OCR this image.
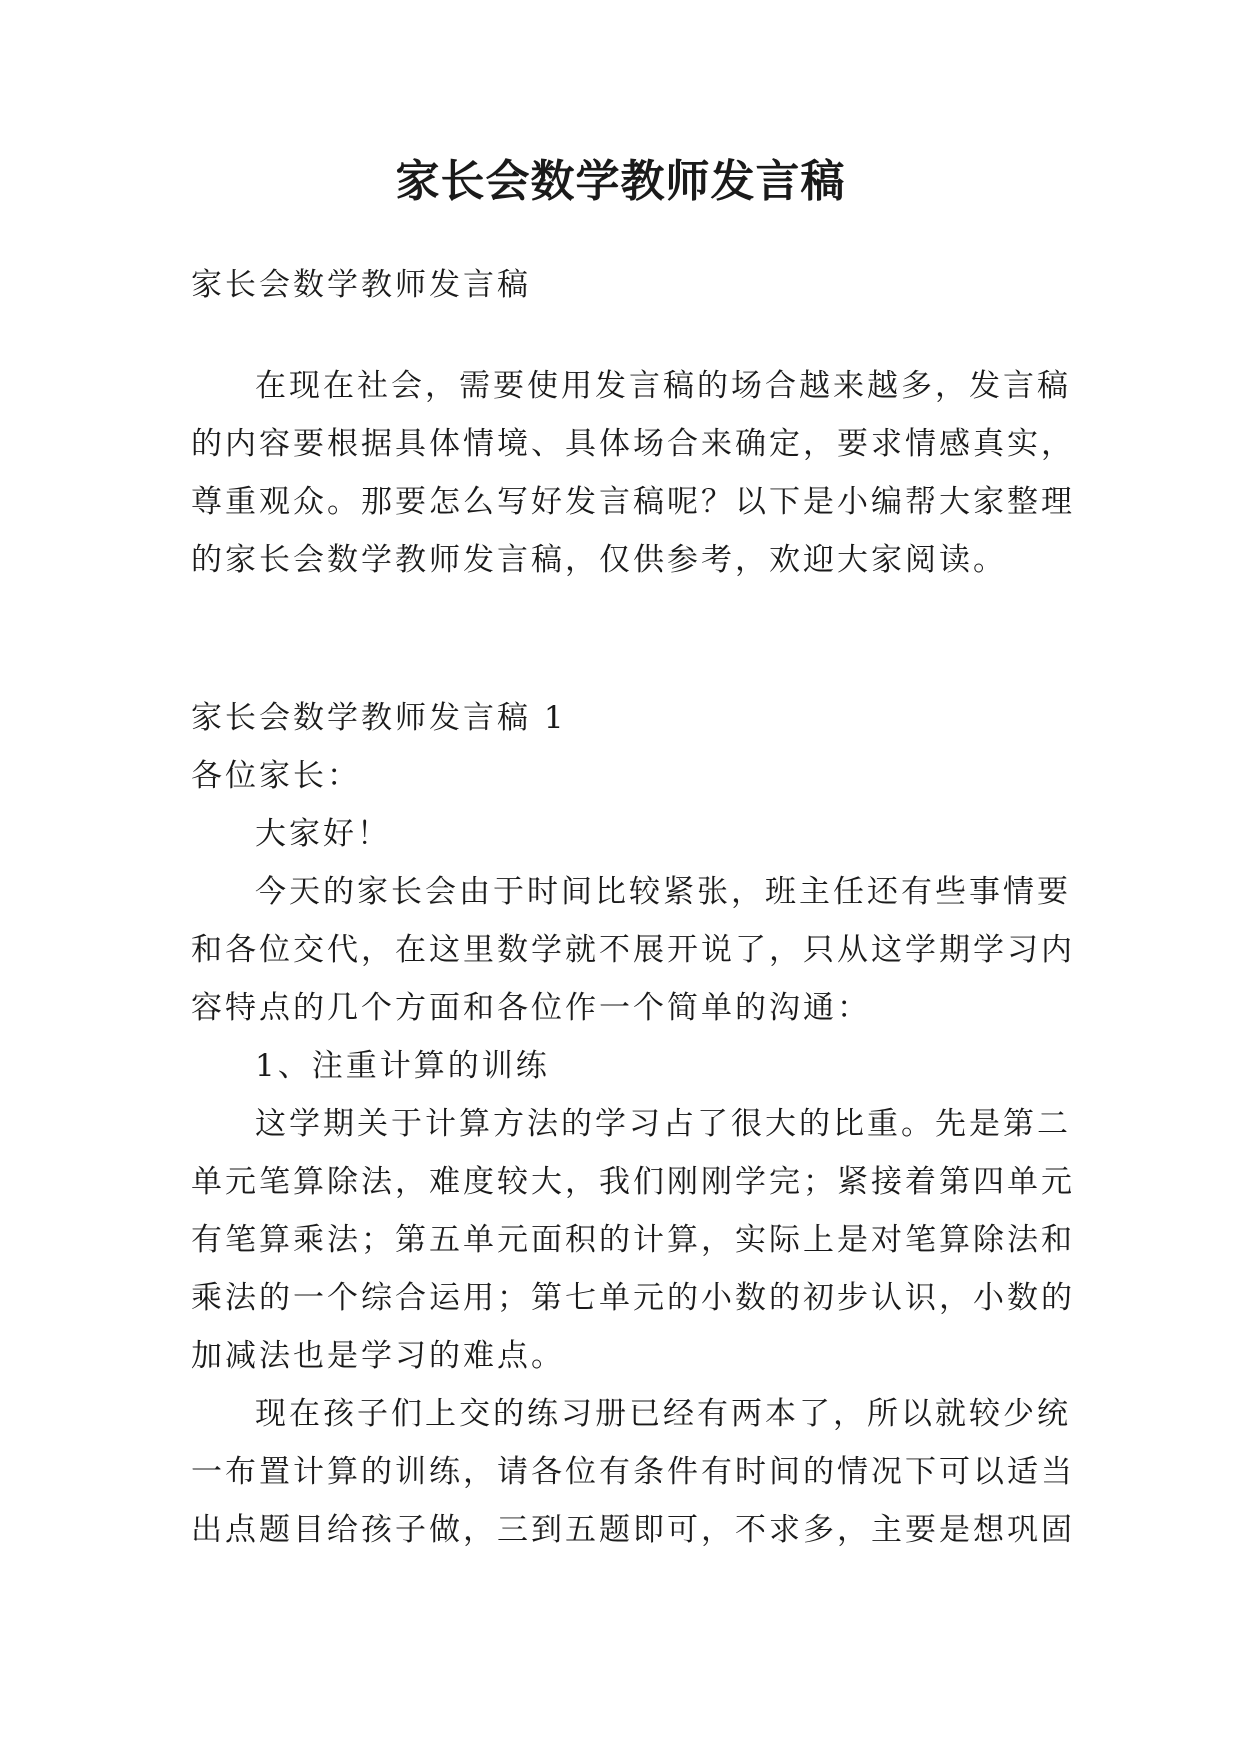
家长会数学教师发言稿
家长会数学教师发言稿
在现在社会，需要使用发言稿的场合越来越多，发言稿
的内容要根据具体情境、具体场合来确定，要求情感真实，
尊重观众。那要怎么写好发言稿呢？以下是小编帮大家整理
的家长会数学教师发言稿，仅供参考，欢迎大家阅读。
家长会数学教师发言稿 1
各位家长：
大家好！
今天的家长会由于时间比较紧张，班主任还有些事情要
和各位交代，在这里数学就不展开说了，只从这学期学习内
容特点的几个方面和各位作一个简单的沟通：
1、注重计算的训练
这学期关于计算方法的学习占了很大的比重。先是第二
单元笔算除法，难度较大，我们刚刚学完；紧接着第四单元
有笔算乘法；第五单元面积的计算，实际上是对笔算除法和
乘法的一个综合运用；第七单元的小数的初步认识，小数的
加减法也是学习的难点。
现在孩子们上交的练习册已经有两本了，所以就较少统
一布置计算的训练，请各位有条件有时间的情况下可以适当
出点题目给孩子做，三到五题即可，不求多，主要是想巩固
